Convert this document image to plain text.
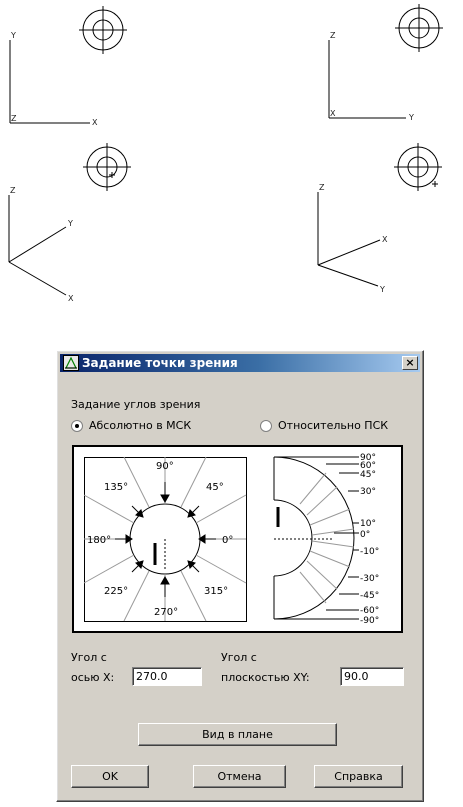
Y
Z	X
Z
X	Y
Z
Y
X
Z
X
Y
Задание точки зрения	×
Задание углов зрения
Абсолютно в МСК	Относительно ПСК
90°
45°
0°
315°
270°
225°
180°
135°
90°
60°
45°
30°
10°
0°
-10°
-30°
-45°
-60°
-90°
Угол с
осью X:	270.0
Угол с
плоскостью XY:	90.0
Вид в плане
OK	Отмена	Справка
